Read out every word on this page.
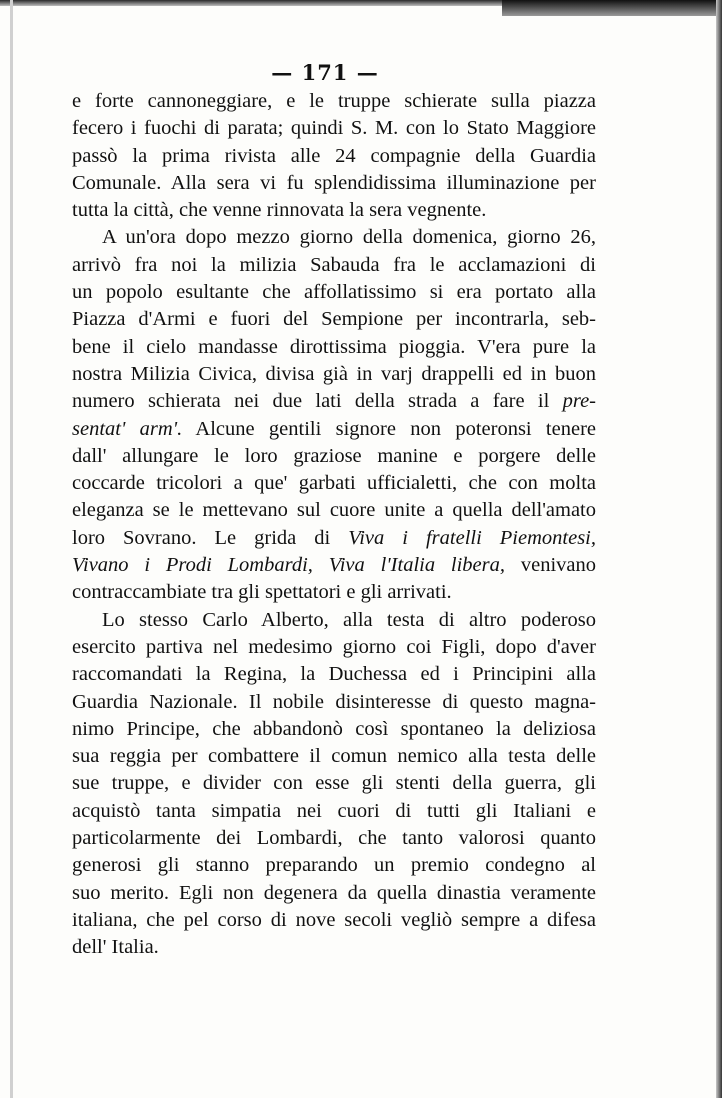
— 171 —

e forte cannoneggiare, e le truppe schierate sulla piazza
fecero i fuochi di parata; quindi S. M. con lo Stato Maggiore
passò la prima rivista alle 24 compagnie della Guardia
Comunale. Alla sera vi fu splendidissima illuminazione per
tutta la città, che venne rinnovata la sera vegnente.

A un'ora dopo mezzo giorno della domenica, giorno 26,
arrivò fra noi la milizia Sabauda fra le acclamazioni di
un popolo esultante che affollatissimo si era portato alla
Piazza d'Armi e fuori del Sempione per incontrarla, seb-
bene il cielo mandasse dirottissima pioggia. V'era pure la
nostra Milizia Civica, divisa già in varj drappelli ed in buon
numero schierata nei due lati della strada a fare il pre-
sentat' arm'. Alcune gentili signore non poteronsi tenere
dall' allungare le loro graziose manine e porgere delle
coccarde tricolori a que' garbati ufficialetti, che con molta
eleganza se le mettevano sul cuore unite a quella dell'amato
loro Sovrano. Le grida di Viva i fratelli Piemontesi,
Vivano i Prodi Lombardi, Viva l'Italia libera, venivano
contraccambiate tra gli spettatori e gli arrivati.

Lo stesso Carlo Alberto, alla testa di altro poderoso
esercito partiva nel medesimo giorno coi Figli, dopo d'aver
raccomandati la Regina, la Duchessa ed i Principini alla
Guardia Nazionale. Il nobile disinteresse di questo magna-
nimo Principe, che abbandonò così spontaneo la deliziosa
sua reggia per combattere il comun nemico alla testa delle
sue truppe, e divider con esse gli stenti della guerra, gli
acquistò tanta simpatia nei cuori di tutti gli Italiani e
particolarmente dei Lombardi, che tanto valorosi quanto
generosi gli stanno preparando un premio condegno al
suo merito. Egli non degenera da quella dinastia veramente
italiana, che pel corso di nove secoli vegliò sempre a difesa
dell' Italia.
